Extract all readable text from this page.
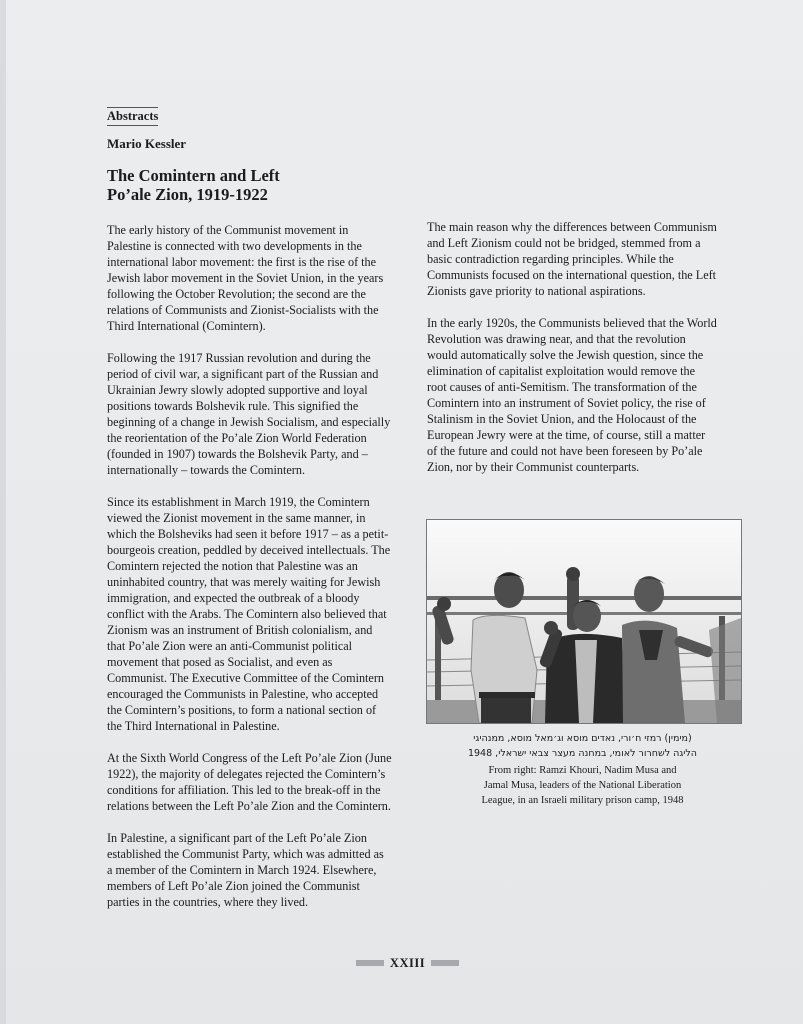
Abstracts
Mario Kessler
The Comintern and Left
Po’ale Zion, 1919-1922

The early history of the Communist movement in Palestine is connected with two developments in the international labor movement: the first is the rise of the Jewish labor movement in the Soviet Union, in the years following the October Revolution; the second are the relations of Communists and Zionist-Socialists with the Third International (Comintern).

Following the 1917 Russian revolution and during the period of civil war, a significant part of the Russian and Ukrainian Jewry slowly adopted supportive and loyal positions towards Bolshevik rule. This signified the beginning of a change in Jewish Socialism, and especially the reorientation of the Po’ale Zion World Federation (founded in 1907) towards the Bolshevik Party, and – internationally – towards the Comintern.

Since its establishment in March 1919, the Comintern viewed the Zionist movement in the same manner, in which the Bolsheviks had seen it before 1917 – as a petit-bourgeois creation, peddled by deceived intellectuals. The Comintern rejected the notion that Palestine was an uninhabited country, that was merely waiting for Jewish immigration, and expected the outbreak of a bloody conflict with the Arabs. The Comintern also believed that Zionism was an instrument of British colonialism, and that Po’ale Zion were an anti-Communist political movement that posed as Socialist, and even as Communist. The Executive Committee of the Comintern encouraged the Communists in Palestine, who accepted the Comintern’s positions, to form a national section of the Third International in Palestine.

At the Sixth World Congress of the Left Po’ale Zion (June 1922), the majority of delegates rejected the Comintern’s conditions for affiliation. This led to the break-off in the relations between the Left Po’ale Zion and the Comintern.

In Palestine, a significant part of the Left Po’ale Zion established the Communist Party, which was admitted as a member of the Comintern in March 1924. Elsewhere, members of Left Po’ale Zion joined the Communist parties in the countries, where they lived.

The main reason why the differences between Communism and Left Zionism could not be bridged, stemmed from a basic contradiction regarding principles. While the Communists focused on the international question, the Left Zionists gave priority to national aspirations.

In the early 1920s, the Communists believed that the World Revolution was drawing near, and that the revolution would automatically solve the Jewish question, since the elimination of capitalist exploitation would remove the root causes of anti-Semitism. The transformation of the Comintern into an instrument of Soviet policy, the rise of Stalinism in the Soviet Union, and the Holocaust of the European Jewry were at the time, of course, still a matter of the future and could not have been foreseen by Po’ale Zion, nor by their Communist counterparts.

(מימין) רמזי ח׳ורי, נאדים מוסא וג׳מאל מוסא, ממנהיגי
הליגה לשחרור לאומי, במחנה מעצר צבאי ישראלי, 1948
From right: Ramzi Khouri, Nadim Musa and
Jamal Musa, leaders of the National Liberation
League, in an Israeli military prison camp, 1948
XXIII
